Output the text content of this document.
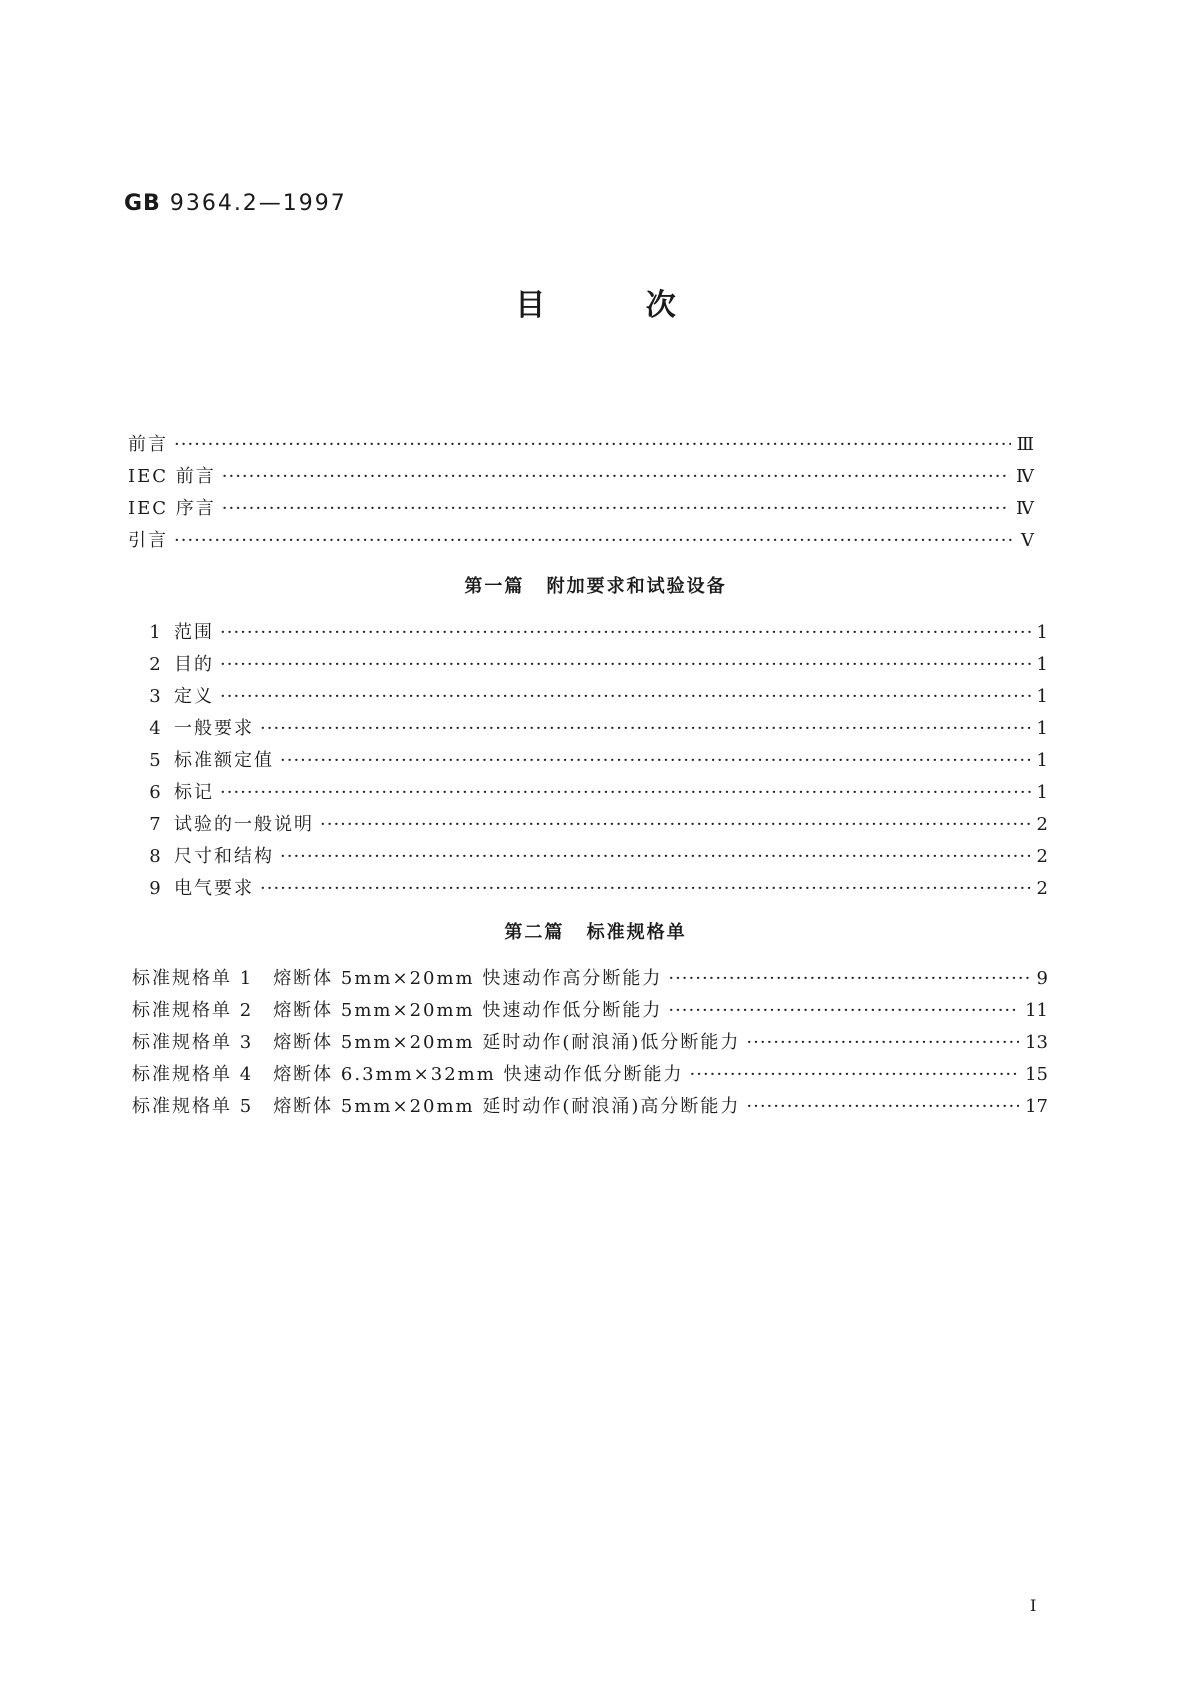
GB 9364.2—1997
目 次
前言 ·····	Ⅲ
IEC 前言 ·····	Ⅳ
IEC 序言 ·····	Ⅳ
引言 ·····	Ⅴ
第一篇 附加要求和试验设备
1 范围 ·····	1
2 目的 ·····	1
3 定义 ·····	1
4 一般要求 ·····	1
5 标准额定值 ·····	1
6 标记 ·····	1
7 试验的一般说明 ·····	2
8 尺寸和结构 ·····	2
9 电气要求 ·····	2
第二篇 标准规格单
标准规格单 1 熔断体 5mm×20mm 快速动作高分断能力 ·····	9
标准规格单 2 熔断体 5mm×20mm 快速动作低分断能力 ·····	11
标准规格单 3 熔断体 5mm×20mm 延时动作(耐浪涌)低分断能力 ·····	13
标准规格单 4 熔断体 6.3mm×32mm 快速动作低分断能力 ·····	15
标准规格单 5 熔断体 5mm×20mm 延时动作(耐浪涌)高分断能力 ·····	17
I
